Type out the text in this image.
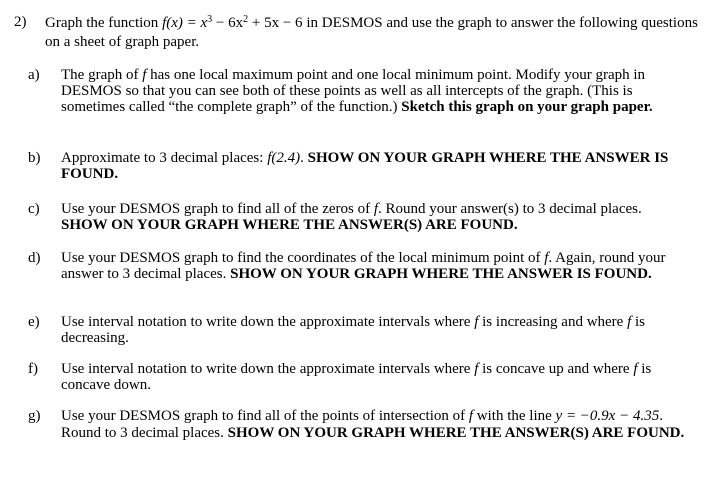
2)	Graph the function $f(x) = x^3 - 6x^2 + 5x - 6$ in DESMOS and use the graph to answer the following questions on a sheet of graph paper.
a)	The graph of f has one local maximum point and one local minimum point. Modify your graph in DESMOS so that you can see both of these points as well as all intercepts of the graph. (This is sometimes called “the complete graph” of the function.) Sketch this graph on your graph paper.
b)	Approximate to 3 decimal places: f(2.4). SHOW ON YOUR GRAPH WHERE THE ANSWER IS FOUND.
c)	Use your DESMOS graph to find all of the zeros of f. Round your answer(s) to 3 decimal places. SHOW ON YOUR GRAPH WHERE THE ANSWER(S) ARE FOUND.
d)	Use your DESMOS graph to find the coordinates of the local minimum point of f. Again, round your answer to 3 decimal places. SHOW ON YOUR GRAPH WHERE THE ANSWER IS FOUND.
e)	Use interval notation to write down the approximate intervals where f is increasing and where f is decreasing.
f)	Use interval notation to write down the approximate intervals where f is concave up and where f is concave down.
g)	Use your DESMOS graph to find all of the points of intersection of f with the line y = −0.9x − 4.35. Round to 3 decimal places. SHOW ON YOUR GRAPH WHERE THE ANSWER(S) ARE FOUND.
